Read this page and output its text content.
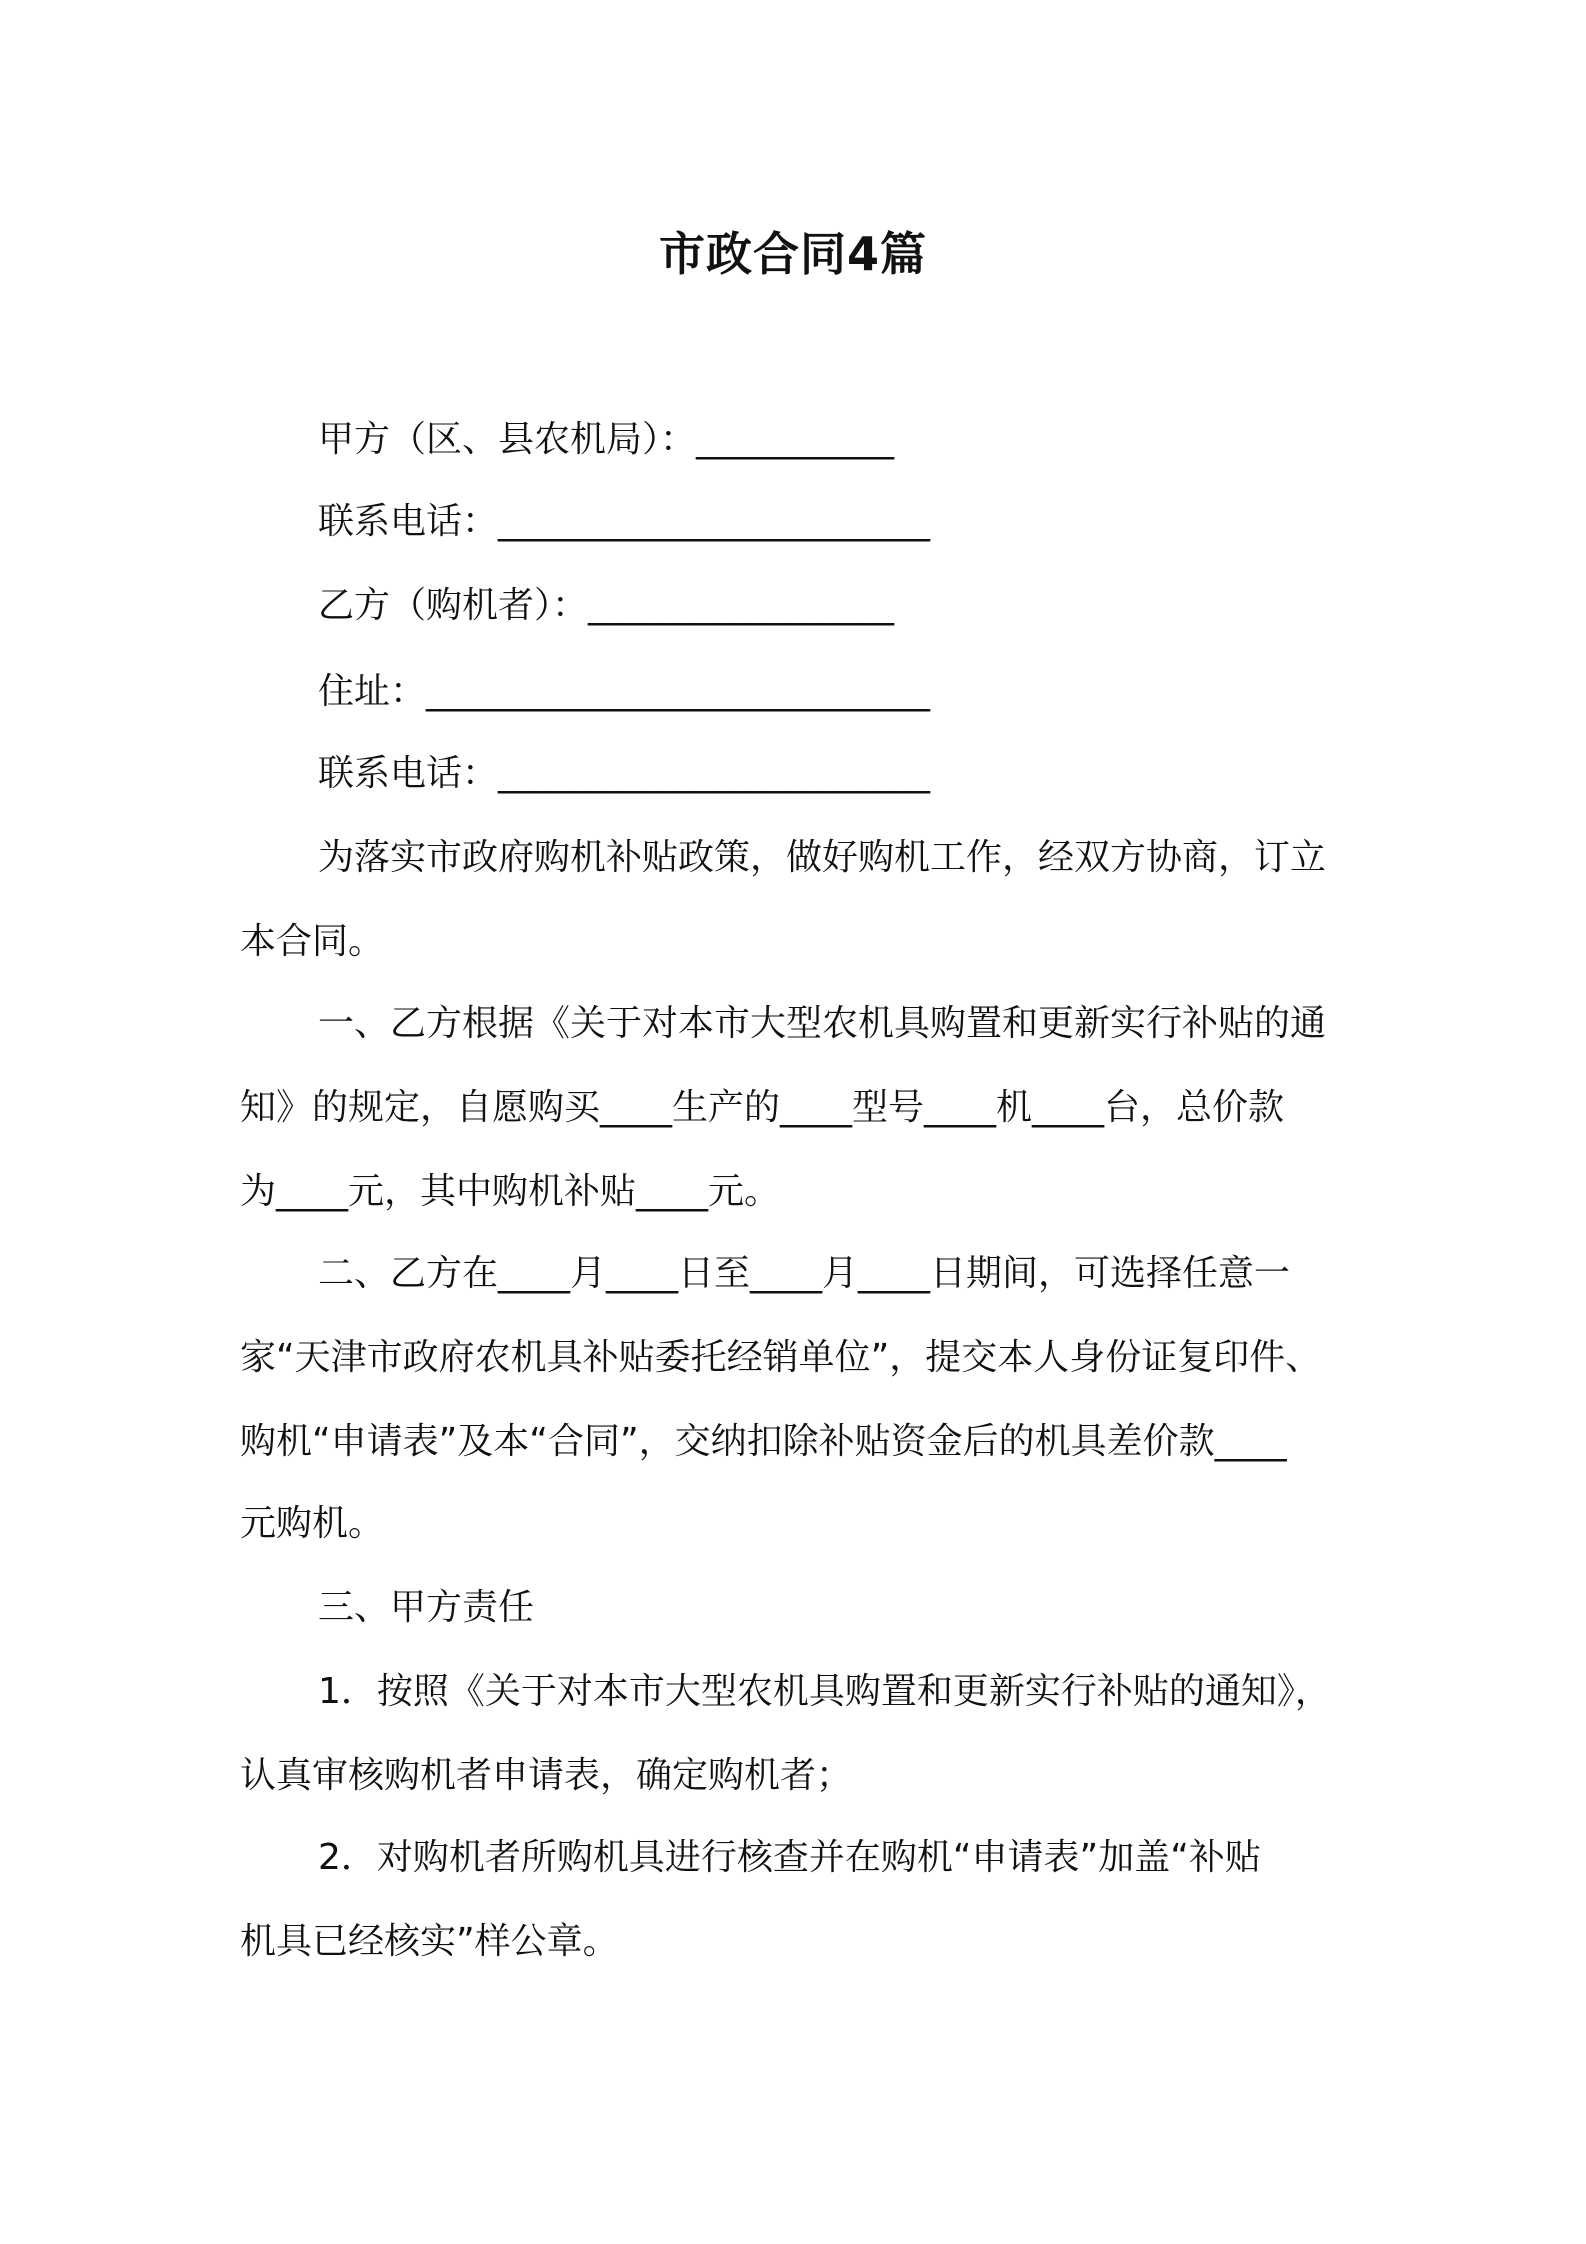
市政合同4篇
甲方（区、县农机局）：___________
联系电话：________________________
乙方（购机者）：_________________
住址：____________________________
联系电话：________________________
为落实市政府购机补贴政策，做好购机工作，经双方协商，订立
本合同。
一、乙方根据《关于对本市大型农机具购置和更新实行补贴的通
知》的规定，自愿购买____生产的____型号____机____台，总价款
为____元，其中购机补贴____元。
二、乙方在____月____日至____月____日期间，可选择任意一
家“天津市政府农机具补贴委托经销单位”，提交本人身份证复印件、
购机“申请表”及本“合同”，交纳扣除补贴资金后的机具差价款____
元购机。
三、甲方责任
1．按照《关于对本市大型农机具购置和更新实行补贴的通知》，
认真审核购机者申请表，确定购机者；
2．对购机者所购机具进行核查并在购机“申请表”加盖“补贴
机具已经核实”样公章。
